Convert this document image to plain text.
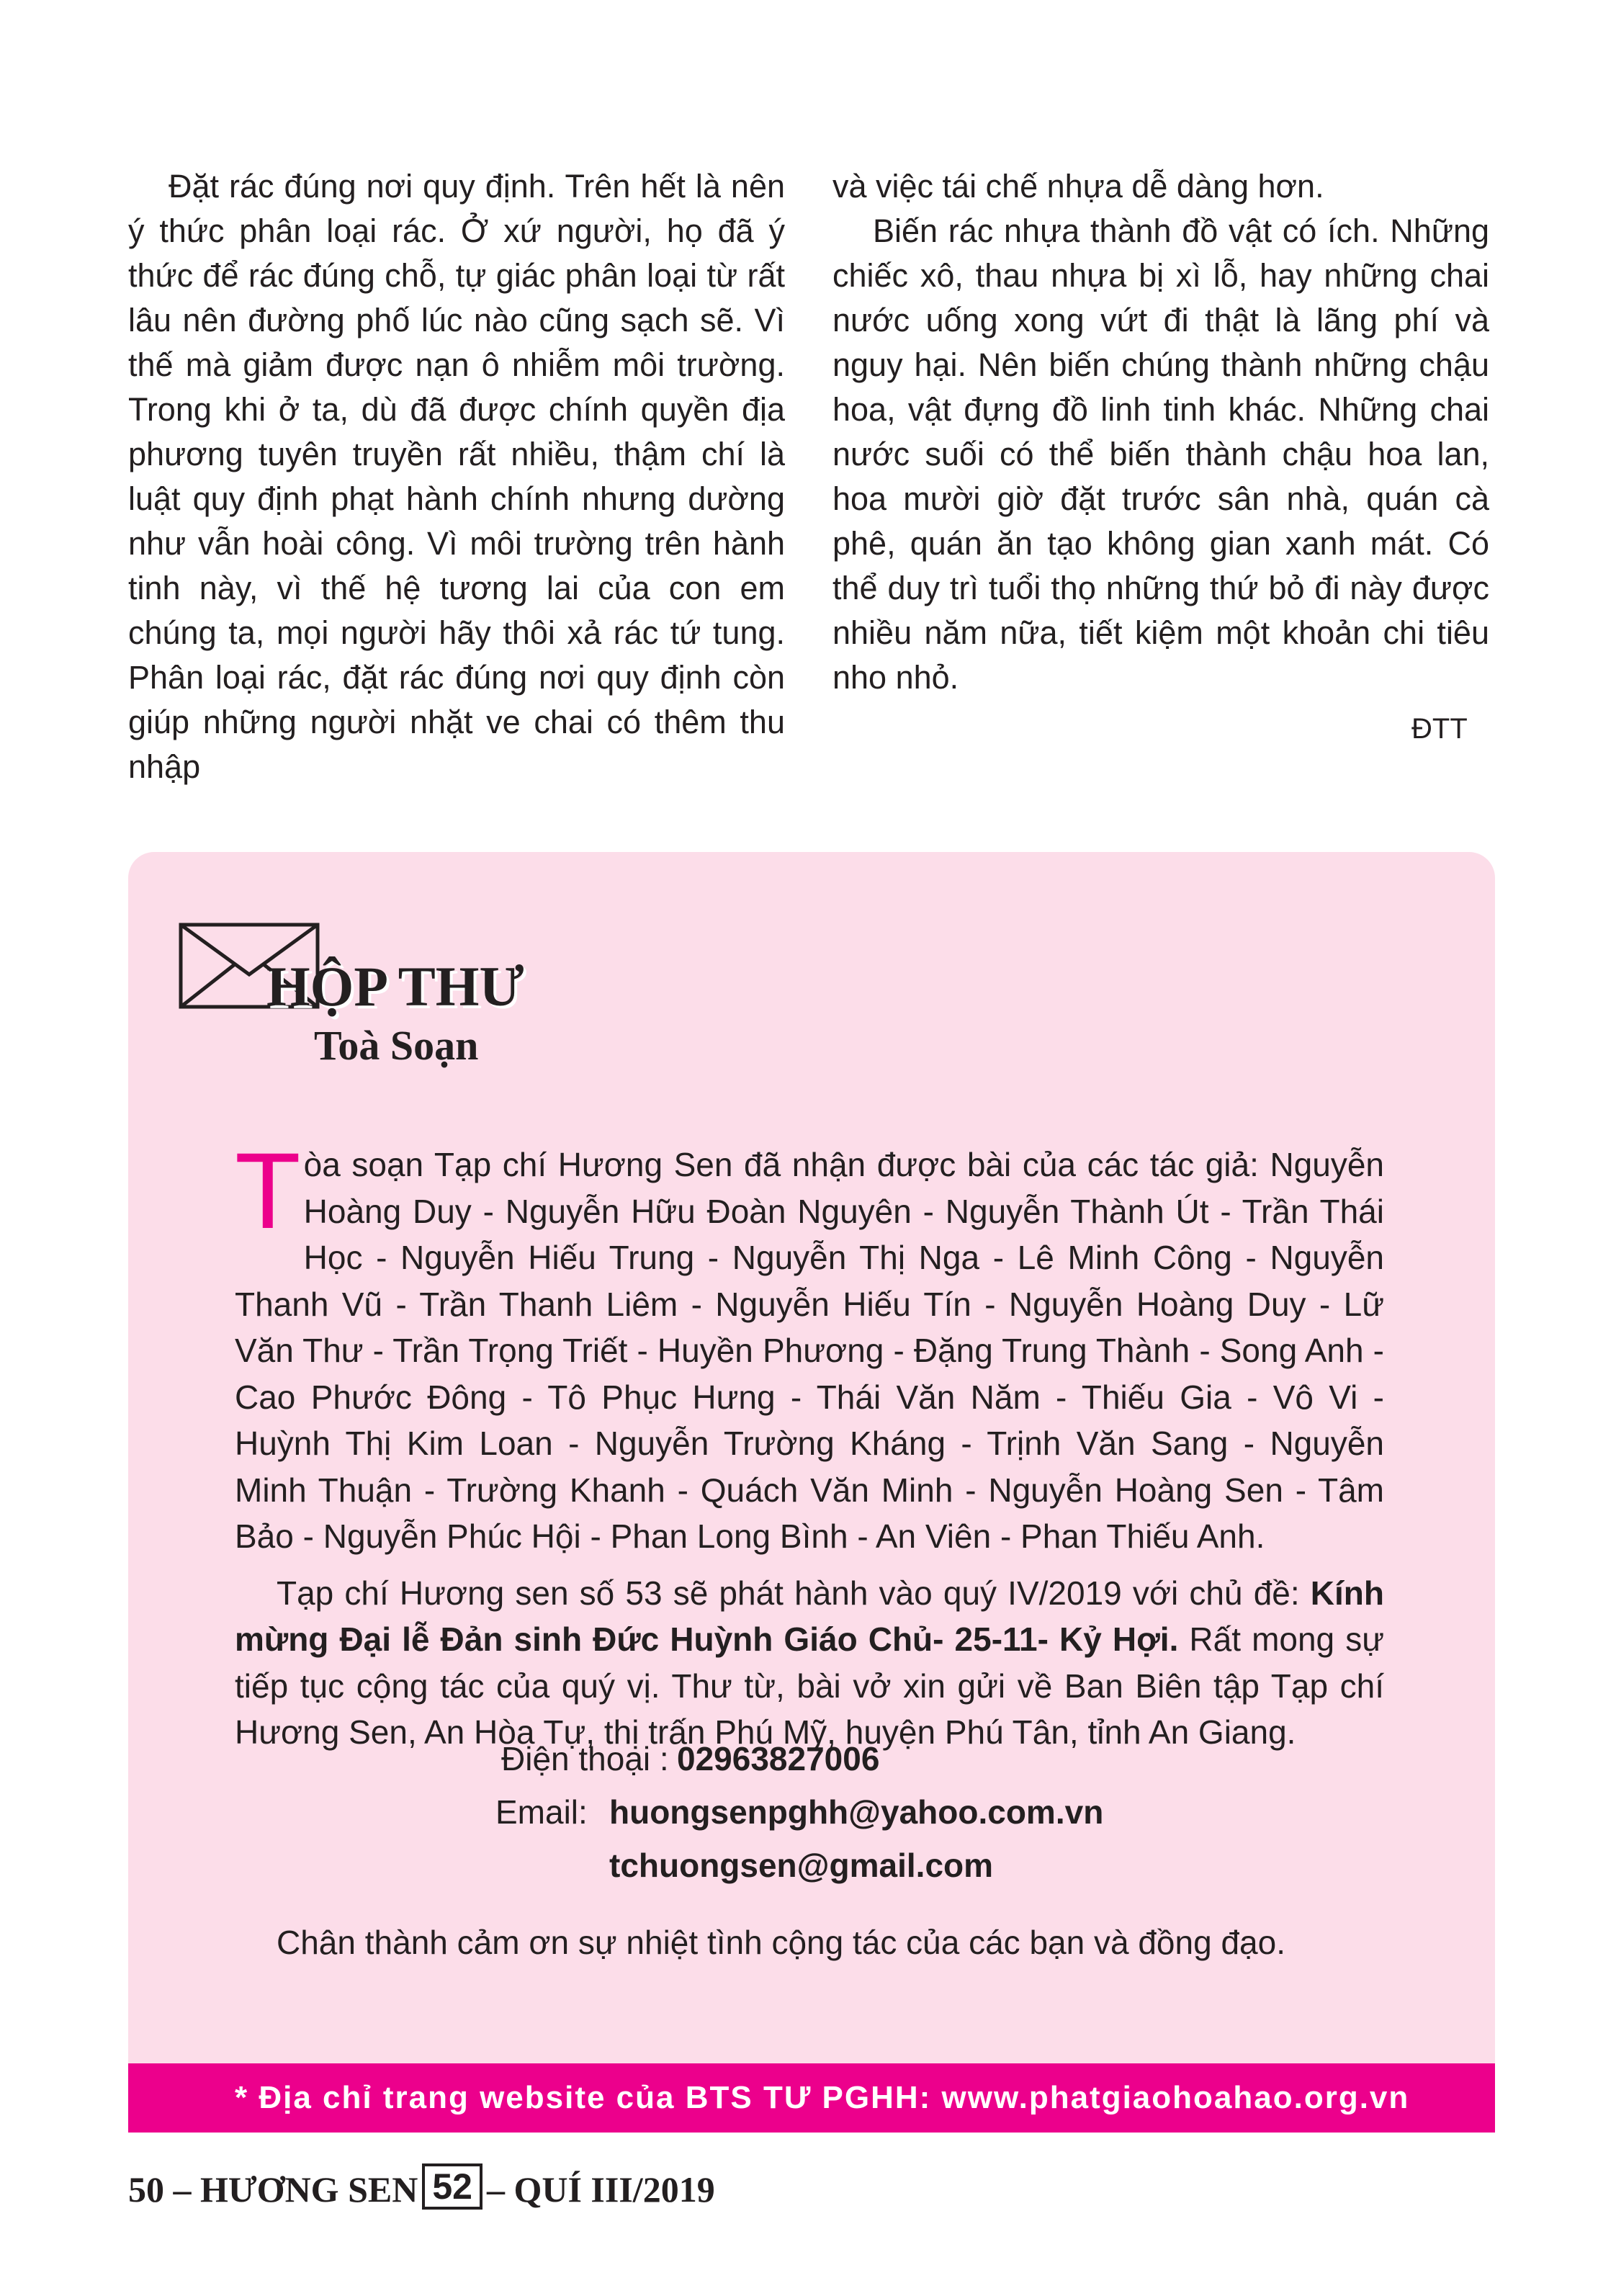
Đặt rác đúng nơi quy định. Trên hết là nên ý thức phân loại rác. Ở xứ người, họ đã ý thức để rác đúng chỗ, tự giác phân loại từ rất lâu nên đường phố lúc nào cũng sạch sẽ. Vì thế mà giảm được nạn ô nhiễm môi trường. Trong khi ở ta, dù đã được chính quyền địa phương tuyên truyền rất nhiều, thậm chí là luật quy định phạt hành chính nhưng dường như vẫn hoài công. Vì môi trường trên hành tinh này, vì thế hệ tương lai của con em chúng ta, mọi người hãy thôi xả rác tứ tung. Phân loại rác, đặt rác đúng nơi quy định còn giúp những người nhặt ve chai có thêm thu nhập

và việc tái chế nhựa dễ dàng hơn.

Biến rác nhựa thành đồ vật có ích. Những chiếc xô, thau nhựa bị xì lỗ, hay những chai nước uống xong vứt đi thật là lãng phí và nguy hại. Nên biến chúng thành những chậu hoa, vật đựng đồ linh tinh khác. Những chai nước suối có thể biến thành chậu hoa lan, hoa mười giờ đặt trước sân nhà, quán cà phê, quán ăn tạo không gian xanh mát. Có thể duy trì tuổi thọ những thứ bỏ đi này được nhiều năm nữa, tiết kiệm một khoản chi tiêu nho nhỏ.

ĐTT
HỘP THƯ
Toà Soạn

Tòa soạn Tạp chí Hương Sen đã nhận được bài của các tác giả: Nguyễn Hoàng Duy - Nguyễn Hữu Đoàn Nguyên - Nguyễn Thành Út - Trần Thái Học - Nguyễn Hiếu Trung - Nguyễn Thị Nga - Lê Minh Công - Nguyễn Thanh Vũ - Trần Thanh Liêm - Nguyễn Hiếu Tín - Nguyễn Hoàng Duy - Lữ Văn Thư - Trần Trọng Triết - Huyền Phương - Đặng Trung Thành - Song Anh - Cao Phước Đông - Tô Phục Hưng - Thái Văn Năm - Thiếu Gia - Vô Vi - Huỳnh Thị Kim Loan - Nguyễn Trường Kháng - Trịnh Văn Sang - Nguyễn Minh Thuận - Trường Khanh - Quách Văn Minh - Nguyễn Hoàng Sen - Tâm Bảo - Nguyễn Phúc Hội - Phan Long Bình - An Viên - Phan Thiếu Anh.

Tạp chí Hương sen số 53 sẽ phát hành vào quý IV/2019 với chủ đề: Kính mừng Đại lễ Đản sinh Đức Huỳnh Giáo Chủ- 25-11- Kỷ Hợi. Rất mong sự tiếp tục cộng tác của quý vị. Thư từ, bài vở xin gửi về Ban Biên tập Tạp chí Hương Sen, An Hòa Tự, thị trấn Phú Mỹ, huyện Phú Tân, tỉnh An Giang.

Điện thoại : 02963827006
Email: huongsenpghh@yahoo.com.vn
tchuongsen@gmail.com
Chân thành cảm ơn sự nhiệt tình cộng tác của các bạn và đồng đạo.
* Địa chỉ trang website của BTS TƯ PGHH: www.phatgiaohoahao.org.vn
50 – HƯƠNG SEN 52 – QUÍ III/2019
